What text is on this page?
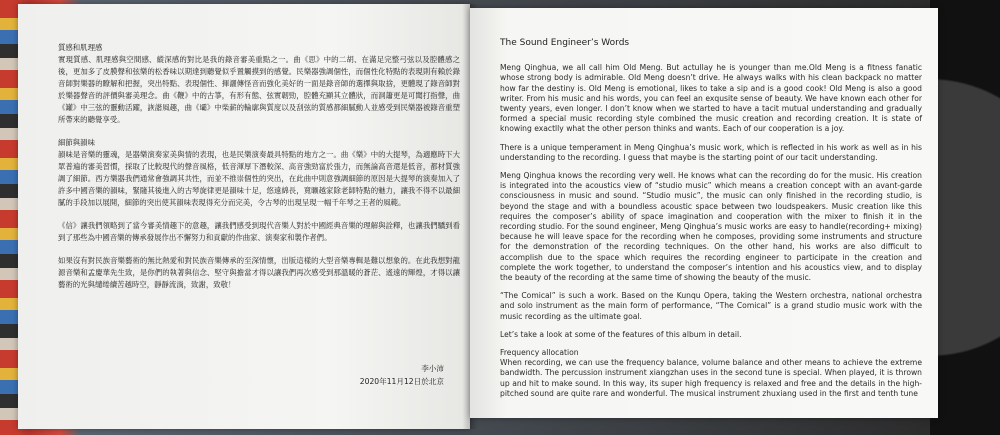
質感和肌理感
實現質感、肌理感與空間感、縱深感的對比是我的錄音審美重點之一。曲《思》中的二胡、在滿足完整弓弦以及腔體感之後，更加多了皮膜聲和弦樂的松香味以期達到聽覺似乎置觸摸到的感覺。民樂器強調個性，而個性化特點的表現則有賴於錄音師對樂器的瞭解和把握，突出特點、表現個性、揮灑傳怪音而強化美好的一面是錄音師的選擇與取捨，更體現了錄音師對於樂器聲音的評價與審美理念。曲《鞭》中的古箏，有形有態、弦實韌勁，腔體充顯其立體狀，而洞簫更是可聞打指聲，曲《罐》中三弦的靈動活躍，詼諧風趣，曲《壩》中柴薪的輪廓與質度以及刮弦的質感都細膩動人並感受到民樂器被錄音重塑所帶來的聽覺享受。

細節與韻味
韻味是音樂的靈魂，是器樂演奏家美與情的表現，也是民樂演奏最具特點的地方之一。曲《樂》中的大提琴，為適應時下大眾普遍的審美習慣，採取了比較現代的聲音風格，低音渾厚下潛較深、高音強勁富於張力，而無論高音還是低音，都材質強調了細節。西方樂器我們通常會強調其共性，而並不推崇個性的突出，在此曲中則意強調細節的原因是大提琴的演奏加入了許多中國音樂的韻味，緊隨其後進入的古琴旋律更是韻味十足，悠遠綿長，寬曠越家除老師特點的魅力，讓我不得不以最細膩的手段加以展開，細節的突出使其韻味表現得充分而完美，令古琴的出現呈現一幅千年琴之王者的風範。

《信》讓我們領略到了當今審美情趣下的意趣，讓我們感受到現代音樂人對於中國經典音樂的理解與詮釋，也讓我們驕到看到了那些為中國音樂的傳承發展作出不懈努力和貢獻的作曲家、演奏家和製作者們。

如果沒有對民族音樂藝術的無比熱愛和對民族音樂傳承的至深情懷，出版這樣的大型音樂專輯是難以想象的。在此我想對龍源音樂和孟慶華先生致，是你們的執著與信念、堅守與擔當才得以讓我們再次感受到那溫暖的蒼茫、遙遠的輝煌，才得以讓藝術的光與缱绻續苦越時空，靜靜流淌，致謝，致敬！

李小沛
2020年11月12日於北京
The Sound Engineer’s Words

Meng Qinghua, we all call him Old Meng. But actullay he is younger than me.Old Meng is a fitness fanatic whose strong body is admirable. Old Meng doesn’t drive. He always walks with his clean backpack no matter how far the destiny is. Old Meng is emotional, likes to take a sip and is a good cook! Old Meng is also a good writer. From his music and his words, you can feel an exqusite sense of beauty. We have known each other for twenty years, even longer. I don’t know when we started to have a tacit mutual understanding and gradually formed a special music recording style combined the music creation and recording creation. It is state of knowing exactlly what the other person thinks and wants. Each of our cooperation is a joy.

There is a unique temperament in Meng Qinghua’s music work, which is reflected in his work as well as in his understanding to the recording. I guess that maybe is the starting point of our tacit understanding.

Meng Qinghua knows the recording very well. He knows what can the recording do for the music. His creation is integrated into the acoustics view of “studio music” which means a creation concept with an avant-garde consciousness in music and sound. “Studio music”, the music can only finished in the recording studio, is beyond the stage and with a boundless acoustic space between two loudspeakers. Music creation like this requires the composer’s ability of space imagination and cooperation with the mixer to finish it in the recording studio. For the sound engineer, Meng Qinghua’s music works are easy to handle(recording+ mixing) because he will leave space for the recording when he composes, providing some instruments and structure for the demonstration of the recording techniques. On the other hand, his works are also difficult to accomplish due to the space which requires the recording engineer to participate in the creation and complete the work together, to understand the composer’s intention and his acoustics view, and to display the beauty of the recording at the same time of showing the beauty of the music.

“The Comical” is such a work. Based on the Kunqu Opera, taking the Western orchestra, national orchestra and solo instrument as the main form of performance, “The Comical” is a grand studio music work with the music recording as the ultimate goal.

Let’s take a look at some of the features of this album in detail.

Frequency allocation

When recording, we can use the frequency balance, volume balance and other means to achieve the extreme bandwidth. The percussion instrument xiangzhan uses in the second tune is special. When played, it is thrown up and hit to make sound. In this way, its super high frequency is relaxed and free and the details in the high-pitched sound are quite rare and wonderful. The musical instrument zhuxiang used in the first and tenth tune
